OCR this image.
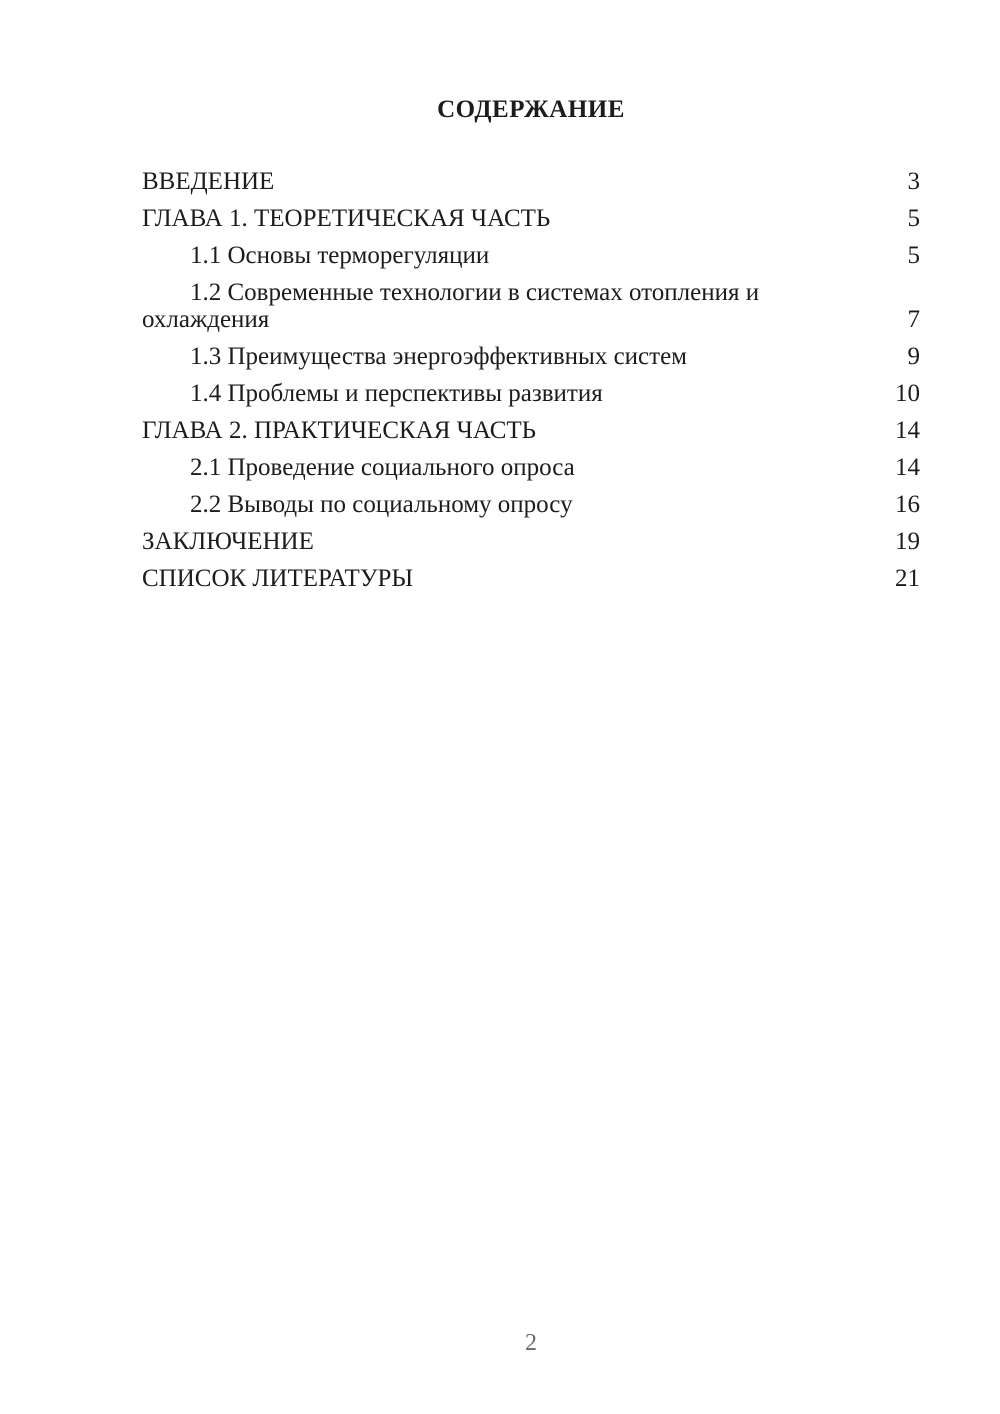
СОДЕРЖАНИЕ
ВВЕДЕНИЕ	3
ГЛАВА 1. ТЕОРЕТИЧЕСКАЯ ЧАСТЬ	5
1.1 Основы терморегуляции	5
1.2 Современные технологии в системах отопления и охлаждения	7
1.3 Преимущества энергоэффективных систем	9
1.4 Проблемы и перспективы развития	10
ГЛАВА 2. ПРАКТИЧЕСКАЯ ЧАСТЬ	14
2.1 Проведение социального опроса	14
2.2 Выводы по социальному опросу	16
ЗАКЛЮЧЕНИЕ	19
СПИСОК ЛИТЕРАТУРЫ	21
2
